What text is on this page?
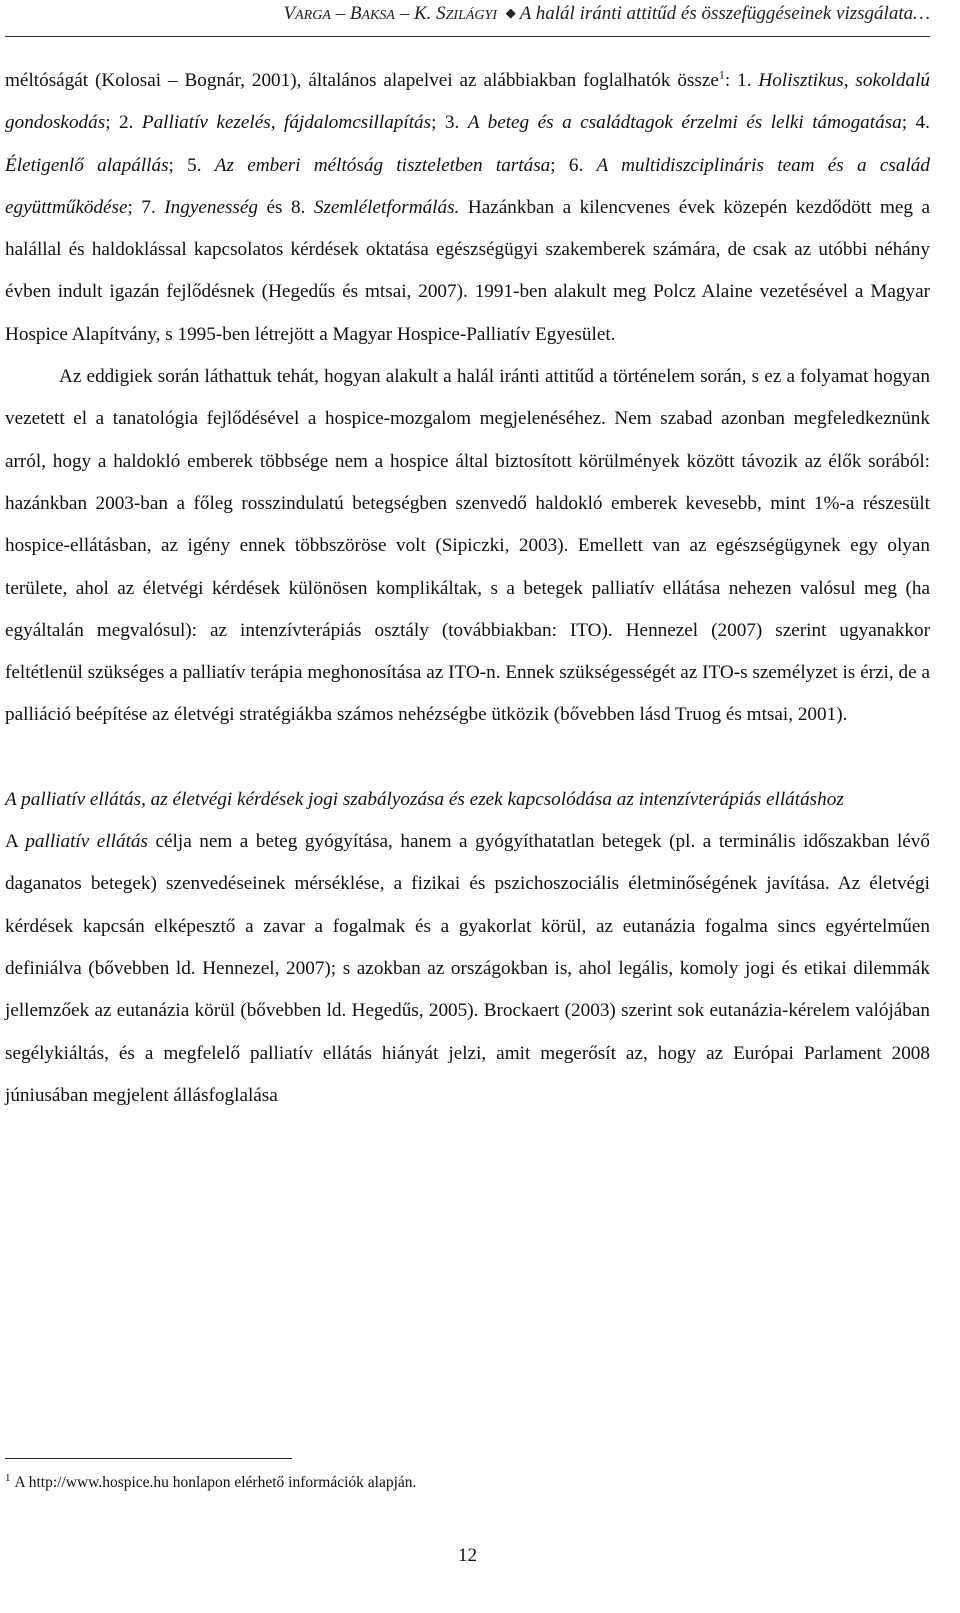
VARGA – BAKSA – K. SZILÁGYI ◆ A halál iránti attitűd és összefüggéseinek vizsgálata…

méltóságát (Kolosai – Bognár, 2001), általános alapelvei az alábbiakban foglalhatók össze$^1$: 1. Holisztikus, sokoldalú gondoskodás; 2. Palliatív kezelés, fájdalomcsillapítás; 3. A beteg és a családtagok érzelmi és lelki támogatása; 4. Életigenlő alapállás; 5. Az emberi méltóság tiszteletben tartása; 6. A multidiszciplináris team és a család együttműködése; 7. Ingyenesség és 8. Szemléletformálás. Hazánkban a kilencvenes évek közepén kezdődött meg a halállal és haldoklással kapcsolatos kérdések oktatása egészségügyi szakemberek számára, de csak az utóbbi néhány évben indult igazán fejlődésnek (Hegedűs és mtsai, 2007). 1991-ben alakult meg Polcz Alaine vezetésével a Magyar Hospice Alapítvány, s 1995-ben létrejött a Magyar Hospice-Palliatív Egyesület.

Az eddigiek során láthattuk tehát, hogyan alakult a halál iránti attitűd a történelem során, s ez a folyamat hogyan vezetett el a tanatológia fejlődésével a hospice-mozgalom megjelenéséhez. Nem szabad azonban megfeledkeznünk arról, hogy a haldokló emberek többsége nem a hospice által biztosított körülmények között távozik az élők sorából: hazánkban 2003-ban a főleg rosszindulatú betegségben szenvedő haldokló emberek kevesebb, mint 1%-a részesült hospice-ellátásban, az igény ennek többszöröse volt (Sipiczki, 2003). Emellett van az egészségügynek egy olyan területe, ahol az életvégi kérdések különösen komplikáltak, s a betegek palliatív ellátása nehezen valósul meg (ha egyáltalán megvalósul): az intenzívterápiás osztály (továbbiakban: ITO). Hennezel (2007) szerint ugyanakkor feltétlenül szükséges a palliatív terápia meghonosítása az ITO-n. Ennek szükségességét az ITO-s személyzet is érzi, de a palliáció beépítése az életvégi stratégiákba számos nehézségbe ütközik (bővebben lásd Truog és mtsai, 2001).

A palliatív ellátás, az életvégi kérdések jogi szabályozása és ezek kapcsolódása az intenzívterápiás ellátáshoz

A palliatív ellátás célja nem a beteg gyógyítása, hanem a gyógyíthatatlan betegek (pl. a terminális időszakban lévő daganatos betegek) szenvedéseinek mérséklése, a fizikai és pszichoszociális életminőségének javítása. Az életvégi kérdések kapcsán elképesztő a zavar a fogalmak és a gyakorlat körül, az eutanázia fogalma sincs egyértelműen definiálva (bővebben ld. Hennezel, 2007); s azokban az országokban is, ahol legális, komoly jogi és etikai dilemmák jellemzőek az eutanázia körül (bővebben ld. Hegedűs, 2005). Brockaert (2003) szerint sok eutanázia-kérelem valójában segélykiáltás, és a megfelelő palliatív ellátás hiányát jelzi, amit megerősít az, hogy az Európai Parlament 2008 júniusában megjelent állásfoglalása

$^1$ A http://www.hospice.hu honlapon elérhető információk alapján.
12
